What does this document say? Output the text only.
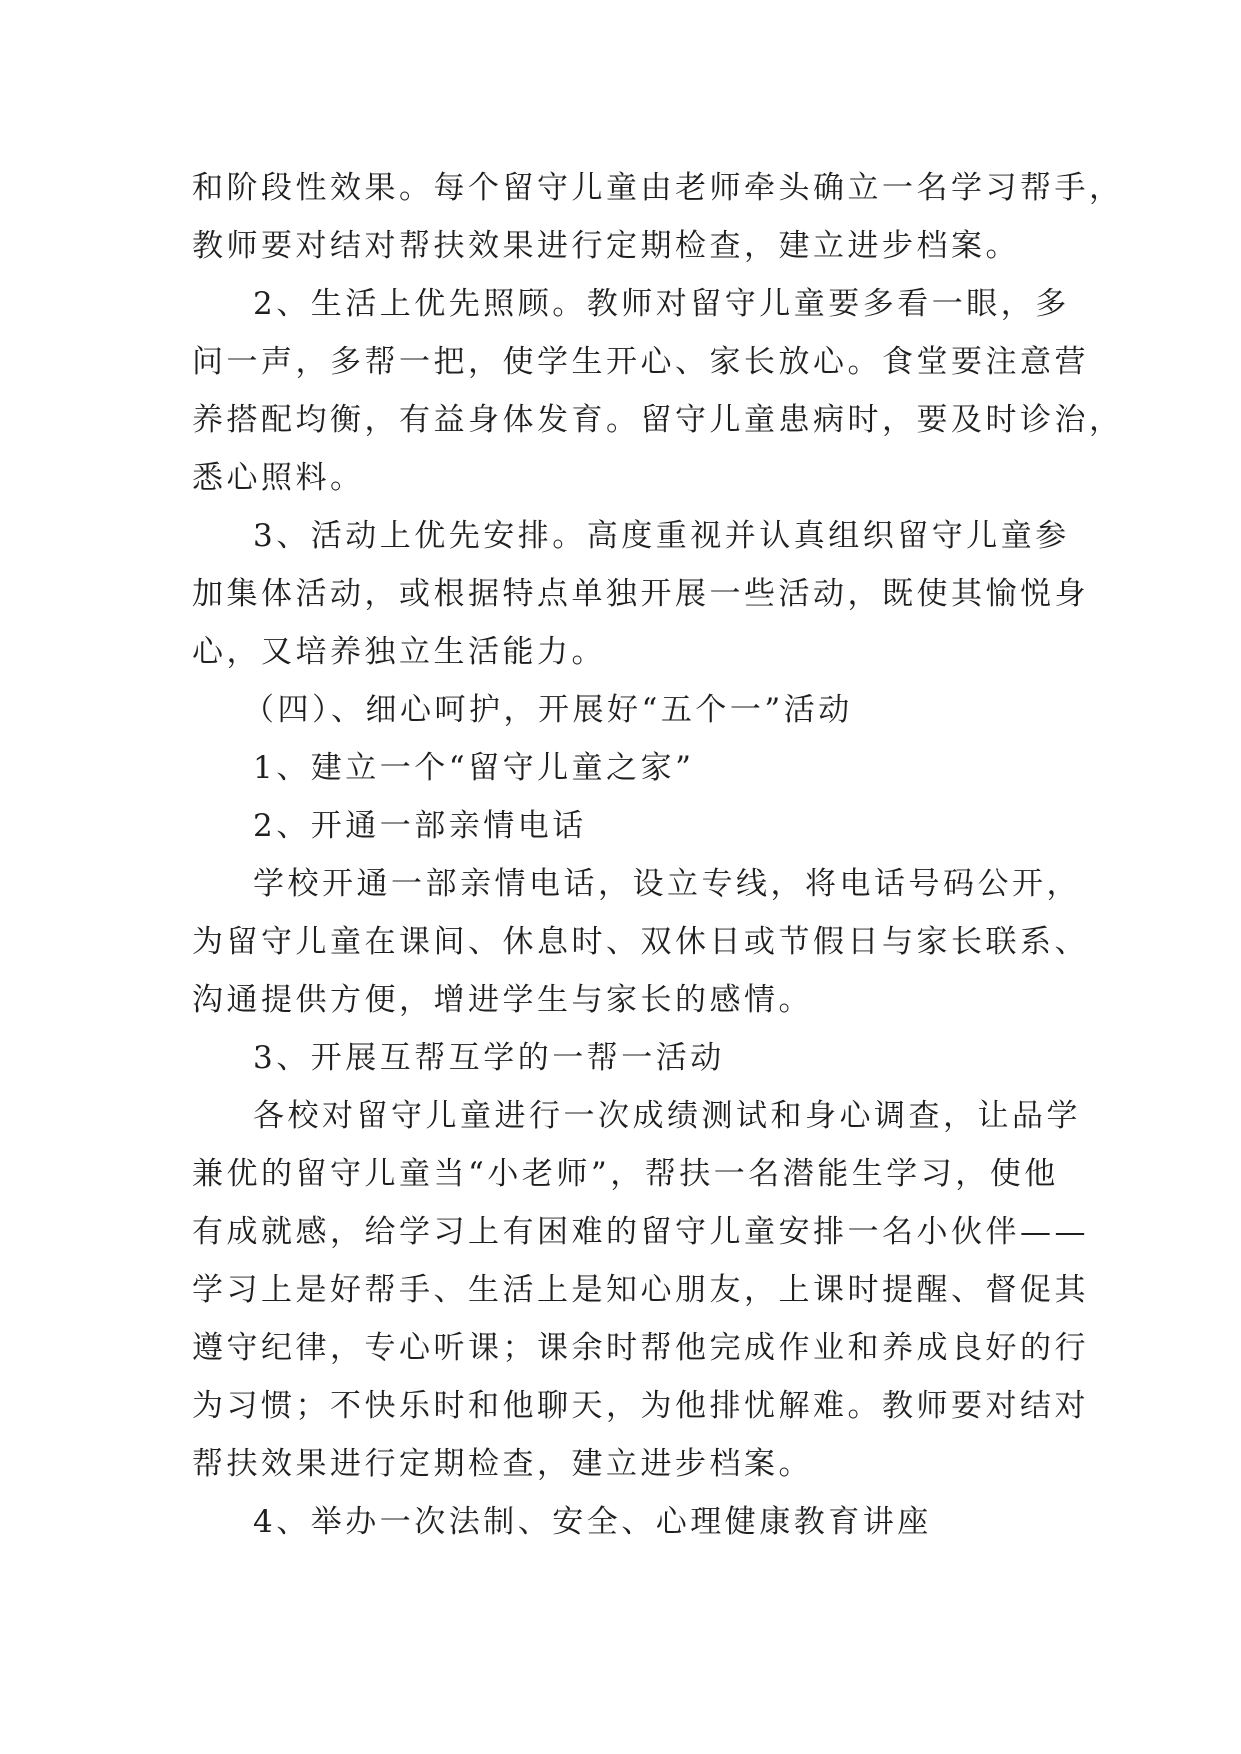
和阶段性效果。每个留守儿童由老师牵头确立一名学习帮手，
教师要对结对帮扶效果进行定期检查，建立进步档案。
2、生活上优先照顾。教师对留守儿童要多看一眼，多
问一声，多帮一把，使学生开心、家长放心。食堂要注意营
养搭配均衡，有益身体发育。留守儿童患病时，要及时诊治，
悉心照料。
3、活动上优先安排。高度重视并认真组织留守儿童参
加集体活动，或根据特点单独开展一些活动，既使其愉悦身
心，又培养独立生活能力。
（四）、细心呵护，开展好“五个一”活动
1、建立一个“留守儿童之家”
2、开通一部亲情电话
学校开通一部亲情电话，设立专线，将电话号码公开，
为留守儿童在课间、休息时、双休日或节假日与家长联系、
沟通提供方便，增进学生与家长的感情。
3、开展互帮互学的一帮一活动
各校对留守儿童进行一次成绩测试和身心调查，让品学
兼优的留守儿童当“小老师”，帮扶一名潜能生学习，使他
有成就感，给学习上有困难的留守儿童安排一名小伙伴——
学习上是好帮手、生活上是知心朋友，上课时提醒、督促其
遵守纪律，专心听课；课余时帮他完成作业和养成良好的行
为习惯；不快乐时和他聊天，为他排忧解难。教师要对结对
帮扶效果进行定期检查，建立进步档案。
4、举办一次法制、安全、心理健康教育讲座
